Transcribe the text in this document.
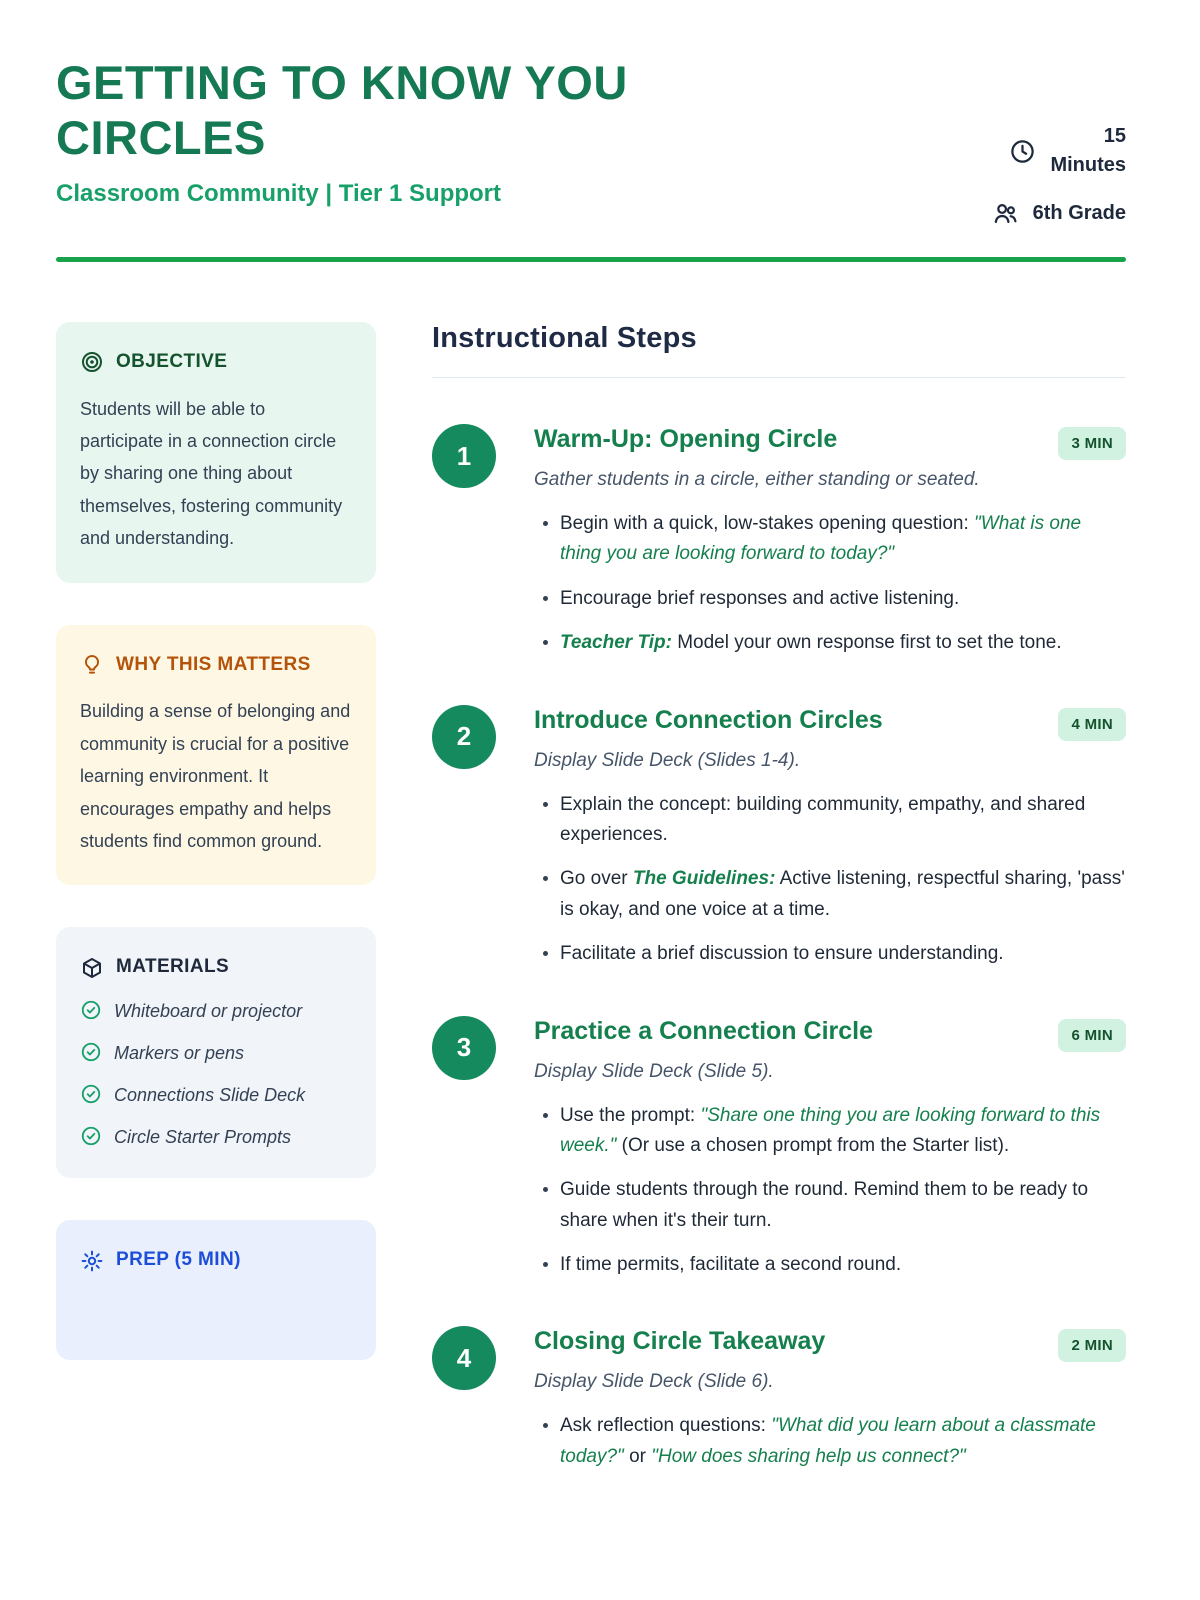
GETTING TO KNOW YOU CIRCLES
Classroom Community | Tier 1 Support
15
Minutes
6th Grade
OBJECTIVE

Students will be able to participate in a connection circle by sharing one thing about themselves, fostering community and understanding.

WHY THIS MATTERS

Building a sense of belonging and community is crucial for a positive learning environment. It encourages empathy and helps students find common ground.

MATERIALS
Whiteboard or projector
Markers or pens
Connections Slide Deck
Circle Starter Prompts
PREP (5 MIN)
Instructional Steps
1
Warm-Up: Opening Circle	3 MIN

Gather students in a circle, either standing or seated.

• Begin with a quick, low-stakes opening question: "What is one thing you are looking forward to today?"
• Encourage brief responses and active listening.
• Teacher Tip: Model your own response first to set the tone.
2
Introduce Connection Circles	4 MIN

Display Slide Deck (Slides 1-4).

• Explain the concept: building community, empathy, and shared experiences.
• Go over The Guidelines: Active listening, respectful sharing, 'pass' is okay, and one voice at a time.
• Facilitate a brief discussion to ensure understanding.
3
Practice a Connection Circle	6 MIN

Display Slide Deck (Slide 5).

• Use the prompt: "Share one thing you are looking forward to this week." (Or use a chosen prompt from the Starter list).
• Guide students through the round. Remind them to be ready to share when it's their turn.
• If time permits, facilitate a second round.
4
Closing Circle Takeaway	2 MIN

Display Slide Deck (Slide 6).

• Ask reflection questions: "What did you learn about a classmate today?" or "How does sharing help us connect?"
